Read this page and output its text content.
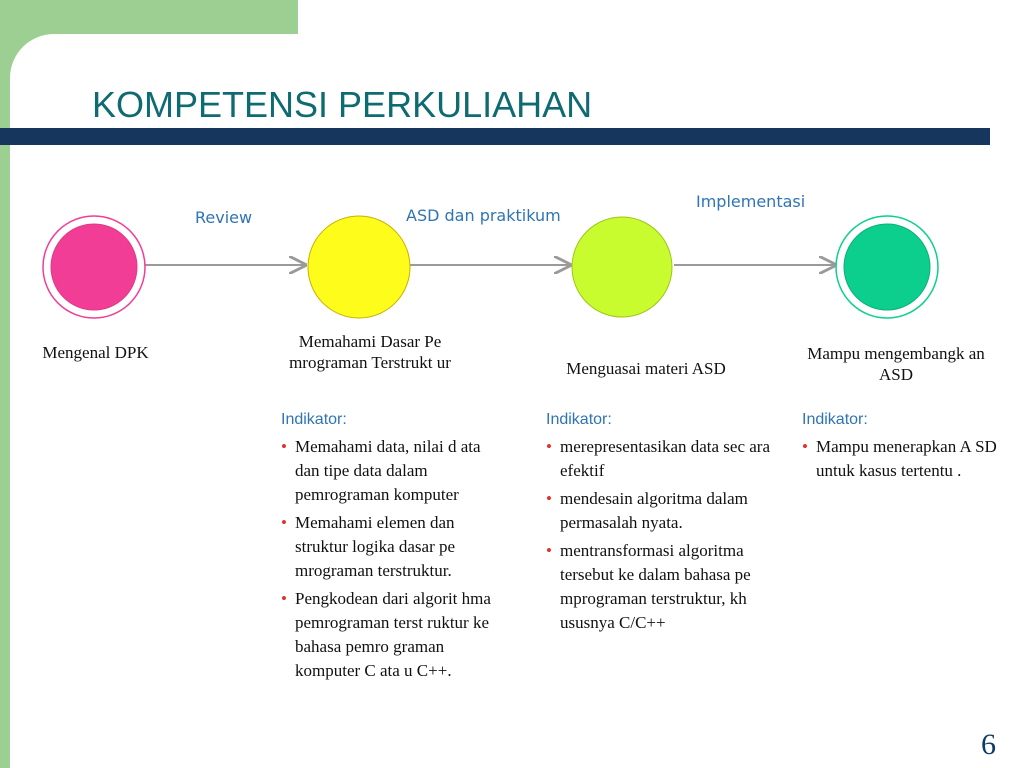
KOMPETENSI PERKULIAHAN
Review	ASD dan praktikum
Implementasi
Mengenal DPK
Memahami Dasar Pe mrograman Terstrukt ur	Menguasai materi ASD
Mampu mengembangk an ASD
Indikator:
• Memahami data, nilai d ata dan tipe data dalam pemrograman komputer
• Memahami elemen dan struktur logika dasar pe mrograman terstruktur.
• Pengkodean dari algorit hma pemrograman terst ruktur ke bahasa pemro graman komputer C ata u C++.
Indikator:
• merepresentasikan data sec ara efektif
• mendesain algoritma dalam permasalah nyata.
• mentransformasi algoritma tersebut ke dalam bahasa pe mprograman terstruktur, kh ususnya C/C++
Indikator:
• Mampu menerapkan A SD untuk kasus tertentu .
6
